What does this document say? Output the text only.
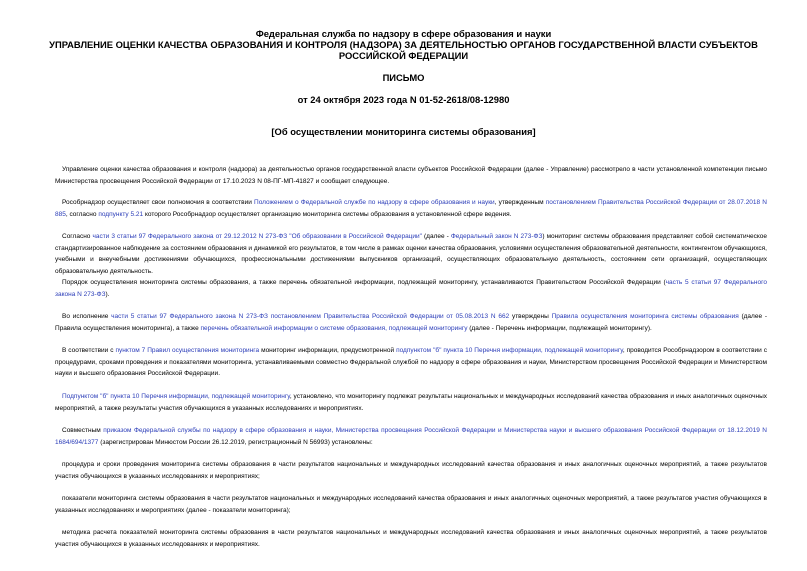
Федеральная служба по надзору в сфере образования и науки
УПРАВЛЕНИЕ ОЦЕНКИ КАЧЕСТВА ОБРАЗОВАНИЯ И КОНТРОЛЯ (НАДЗОРА) ЗА ДЕЯТЕЛЬНОСТЬЮ ОРГАНОВ ГОСУДАРСТВЕННОЙ ВЛАСТИ СУБЪЕКТОВ
РОССИЙСКОЙ ФЕДЕРАЦИИ
ПИСЬМО
от 24 октября 2023 года N 01-52-2618/08-12980
[Об осуществлении мониторинга системы образования]

Управление оценки качества образования и контроля (надзора) за деятельностью органов государственной власти субъектов Российской Федерации (далее - Управление) рассмотрело в части установленной компетенции письмо Министерства просвещения Российской Федерации от 17.10.2023 N 08-ПГ-МП-41827 и сообщает следующее.

Рособрнадзор осуществляет свои полномочия в соответствии Положением о Федеральной службе по надзору в сфере образования и науки, утвержденным постановлением Правительства Российской Федерации от 28.07.2018 N 885, согласно подпункту 5.21 которого Рособрнадзор осуществляет организацию мониторинга системы образования в установленной сфере ведения.

Согласно части 3 статьи 97 Федерального закона от 29.12.2012 N 273-ФЗ "Об образовании в Российской Федерации" (далее - Федеральный закон N 273-ФЗ) мониторинг системы образования представляет собой систематическое стандартизированное наблюдение за состоянием образования и динамикой его результатов, в том числе в рамках оценки качества образования, условиями осуществления образовательной деятельности, контингентом обучающихся, учебными и внеучебными достижениями обучающихся, профессиональными достижениями выпускников организаций, осуществляющих образовательную деятельность, состоянием сети организаций, осуществляющих образовательную деятельность.

Порядок осуществления мониторинга системы образования, а также перечень обязательной информации, подлежащей мониторингу, устанавливаются Правительством Российской Федерации (часть 5 статьи 97 Федерального закона N 273-ФЗ).

Во исполнение части 5 статьи 97 Федерального закона N 273-ФЗ постановлением Правительства Российской Федерации от 05.08.2013 N 662 утверждены Правила осуществления мониторинга системы образования (далее - Правила осуществления мониторинга), а также перечень обязательной информации о системе образования, подлежащей мониторингу (далее - Перечень информации, подлежащей мониторингу).

В соответствии с пунктом 7 Правил осуществления мониторинга мониторинг информации, предусмотренной подпунктом "б" пункта 10 Перечня информации, подлежащей мониторингу, проводится Рособрнадзором в соответствии с процедурами, сроками проведения и показателями мониторинга, устанавливаемыми совместно Федеральной службой по надзору в сфере образования и науки, Министерством просвещения Российской Федерации и Министерством науки и высшего образования Российской Федерации.

Подпунктом "б" пункта 10 Перечня информации, подлежащей мониторингу, установлено, что мониторингу подлежат результаты национальных и международных исследований качества образования и иных аналогичных оценочных мероприятий, а также результаты участия обучающихся в указанных исследованиях и мероприятиях.

Совместным приказом Федеральной службы по надзору в сфере образования и науки, Министерства просвещения Российской Федерации и Министерства науки и высшего образования Российской Федерации от 18.12.2019 N 1684/694/1377 (зарегистрирован Минюстом России 26.12.2019, регистрационный N 56993) установлены:

процедура и сроки проведения мониторинга системы образования в части результатов национальных и международных исследований качества образования и иных аналогичных оценочных мероприятий, а также результатов участия обучающихся в указанных исследованиях и мероприятиях;

показатели мониторинга системы образования в части результатов национальных и международных исследований качества образования и иных аналогичных оценочных мероприятий, а также результатов участия обучающихся в указанных исследованиях и мероприятиях (далее - показатели мониторинга);

методика расчета показателей мониторинга системы образования в части результатов национальных и международных исследований качества образования и иных аналогичных оценочных мероприятий, а также результатов участия обучающихся в указанных исследованиях и мероприятиях.
